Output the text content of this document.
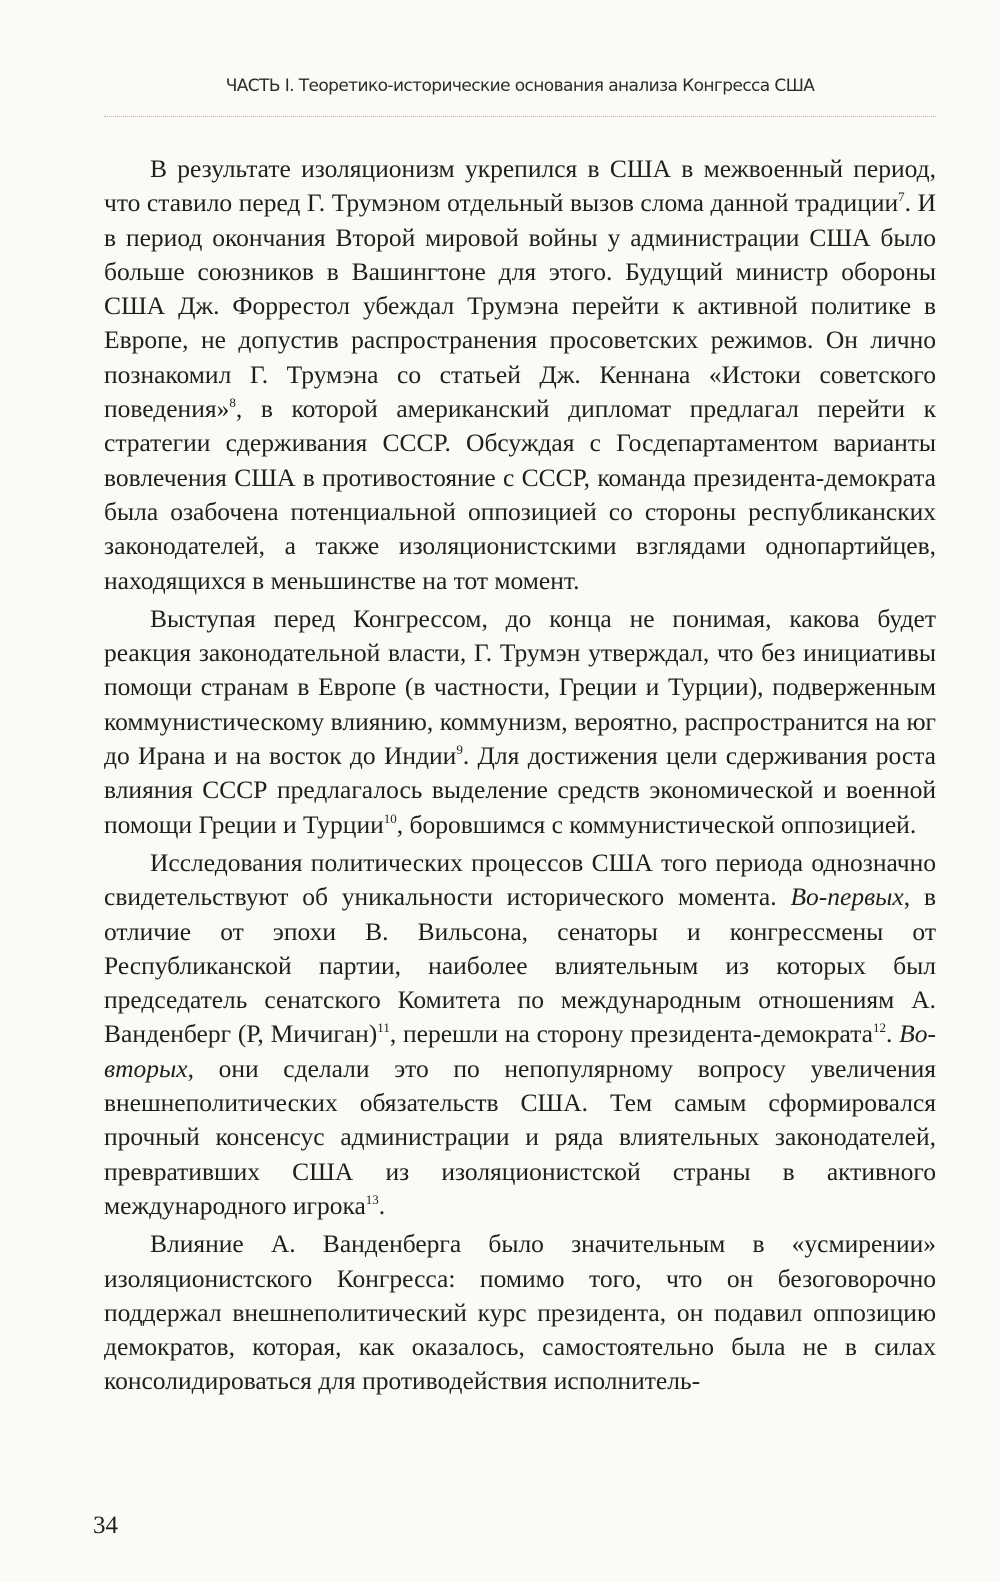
ЧАСТЬ I. Теоретико-исторические основания анализа Конгресса США

В результате изоляционизм укрепился в США в межвоенный период, что ставило перед Г. Трумэном отдельный вызов слома данной традиции$^7$. И в период окончания Второй мировой войны у администрации США было больше союзников в Вашингтоне для этого. Будущий министр обороны США Дж. Форрестол убеждал Трумэна перейти к активной политике в Европе, не допустив распространения просоветских режимов. Он лично познакомил Г. Трумэна со статьей Дж. Кеннана «Истоки советского поведения»$^8$, в которой американский дипломат предлагал перейти к стратегии сдерживания СССР. Обсуждая с Госдепартаментом варианты вовлечения США в противостояние с СССР, команда президента-демократа была озабочена потенциальной оппозицией со стороны республиканских законодателей, а также изоляционистскими взглядами однопартийцев, находящихся в меньшинстве на тот момент.

Выступая перед Конгрессом, до конца не понимая, какова будет реакция законодательной власти, Г. Трумэн утверждал, что без инициативы помощи странам в Европе (в частности, Греции и Турции), подверженным коммунистическому влиянию, коммунизм, вероятно, распространится на юг до Ирана и на восток до Индии$^9$. Для достижения цели сдерживания роста влияния СССР предлагалось выделение средств экономической и военной помощи Греции и Турции$^{10}$, боровшимся с коммунистической оппозицией.

Исследования политических процессов США того периода однозначно свидетельствуют об уникальности исторического момента. Во-первых, в отличие от эпохи В. Вильсона, сенаторы и конгрессмены от Республиканской партии, наиболее влиятельным из которых был председатель сенатского Комитета по международным отношениям А. Ванденберг (Р, Мичиган)$^{11}$, перешли на сторону президента-демократа$^{12}$. Во-вторых, они сделали это по непопулярному вопросу увеличения внешнеполитических обязательств США. Тем самым сформировался прочный консенсус администрации и ряда влиятельных законодателей, превративших США из изоляционистской страны в активного международного игрока$^{13}$.

Влияние А. Ванденберга было значительным в «усмирении» изоляционистского Конгресса: помимо того, что он безоговорочно поддержал внешнеполитический курс президента, он подавил оппозицию демократов, которая, как оказалось, самостоятельно была не в силах консолидироваться для противодействия исполнитель-

34
